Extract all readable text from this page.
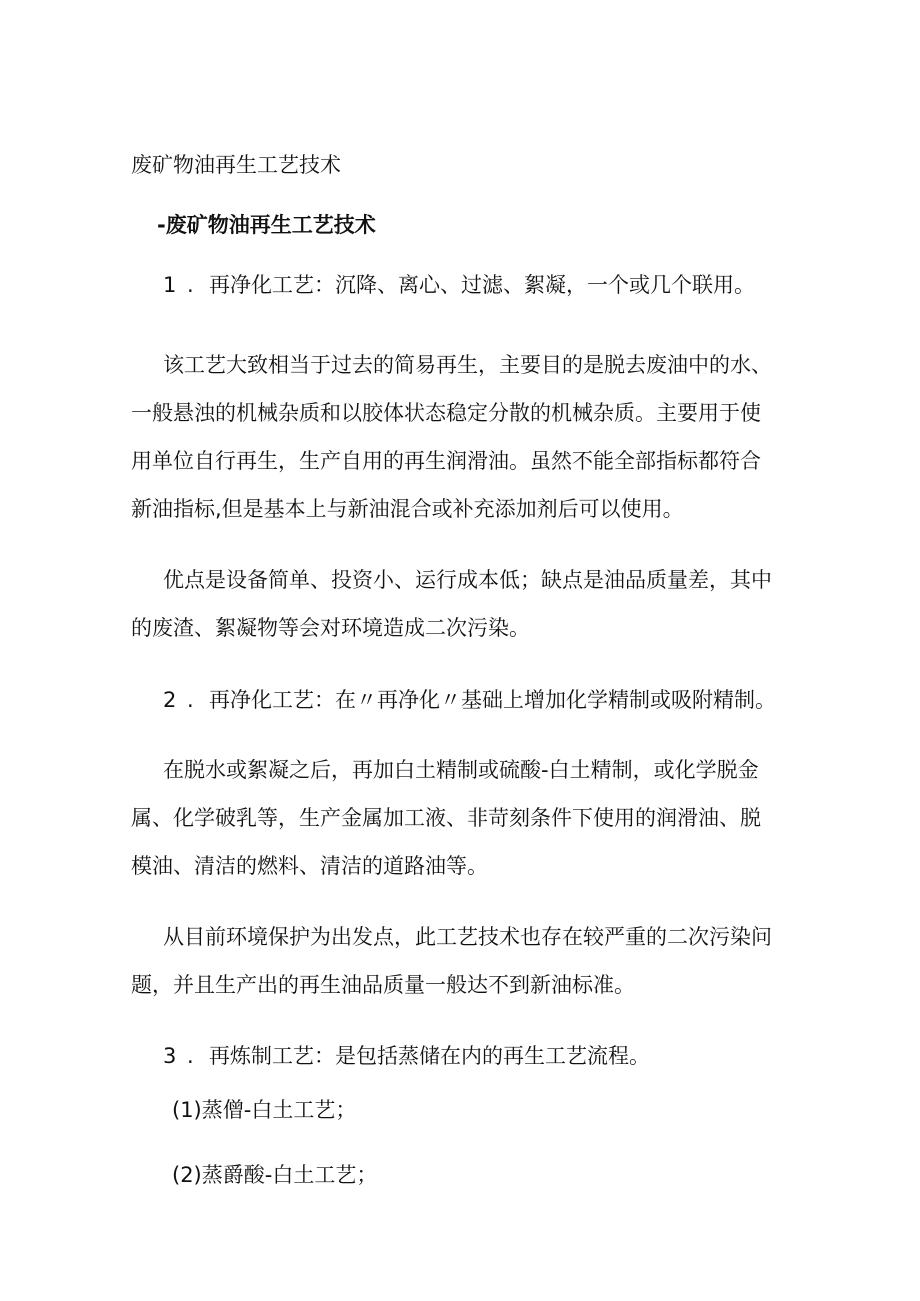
废矿物油再生工艺技术
-废矿物油再生工艺技术
1 . 再净化工艺：沉降、离心、过滤、絮凝，一个或几个联用。
该工艺大致相当于过去的简易再生，主要目的是脱去废油中的水、
一般悬浊的机械杂质和以胶体状态稳定分散的机械杂质。主要用于使
用单位自行再生，生产自用的再生润滑油。虽然不能全部指标都符合
新油指标,但是基本上与新油混合或补充添加剂后可以使用。
优点是设备简单、投资小、运行成本低；缺点是油品质量差，其中
的废渣、絮凝物等会对环境造成二次污染。
2 . 再净化工艺：在〃再净化〃基础上增加化学精制或吸附精制。
在脱水或絮凝之后，再加白土精制或硫酸-白土精制，或化学脱金
属、化学破乳等，生产金属加工液、非苛刻条件下使用的润滑油、脱
模油、清洁的燃料、清洁的道路油等。
从目前环境保护为出发点，此工艺技术也存在较严重的二次污染问
题，并且生产出的再生油品质量一般达不到新油标准。
3 . 再炼制工艺：是包括蒸储在内的再生工艺流程。
(1)蒸僧-白土工艺；
(2)蒸爵酸-白土工艺；
